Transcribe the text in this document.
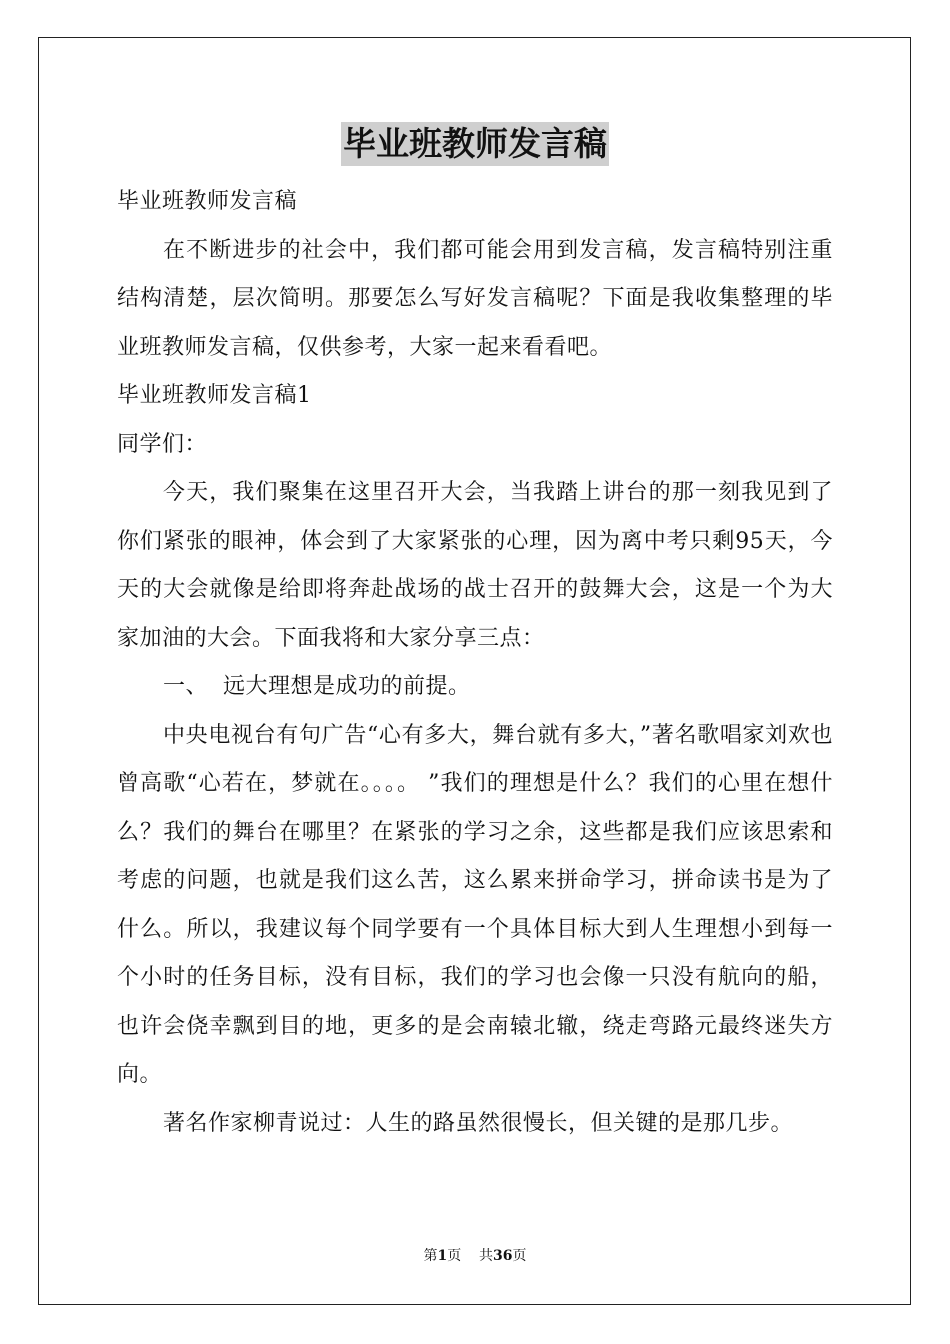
毕业班教师发言稿
毕业班教师发言稿

在不断进步的社会中，我们都可能会用到发言稿，发言稿特别注重结构清楚，层次简明。那要怎么写好发言稿呢？下面是我收集整理的毕业班教师发言稿，仅供参考，大家一起来看看吧。

毕业班教师发言稿1
同学们：

今天，我们聚集在这里召开大会，当我踏上讲台的那一刻我见到了你们紧张的眼神，体会到了大家紧张的心理，因为离中考只剩95天，今天的大会就像是给即将奔赴战场的战士召开的鼓舞大会，这是一个为大家加油的大会。下面我将和大家分享三点：

一、  远大理想是成功的前提。

中央电视台有句广告“心有多大，舞台就有多大，”著名歌唱家刘欢也曾高歌“心若在，梦就在。。。。 ”我们的理想是什么？我们的心里在想什么？我们的舞台在哪里？在紧张的学习之余，这些都是我们应该思索和考虑的问题，也就是我们这么苦，这么累来拼命学习，拼命读书是为了什么。所以，我建议每个同学要有一个具体目标大到人生理想小到每一个小时的任务目标，没有目标，我们的学习也会像一只没有航向的船，也许会侥幸飘到目的地，更多的是会南辕北辙，绕走弯路元最终迷失方向。

著名作家柳青说过：人生的路虽然很慢长，但关键的是那几步。

第1页 共36页
